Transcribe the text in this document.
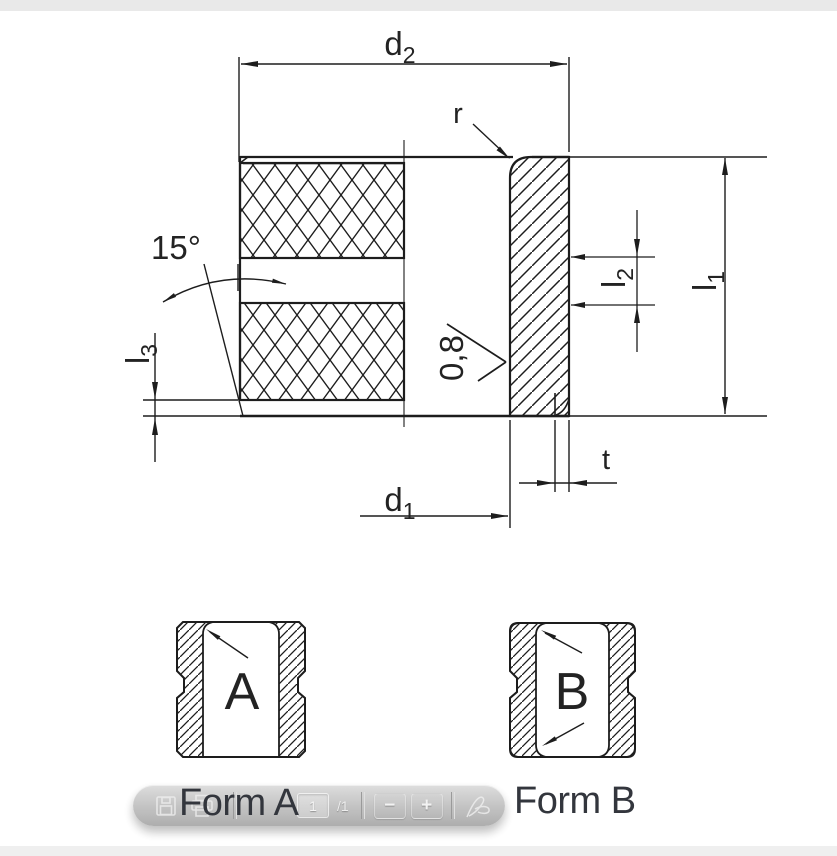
A	B
$d_2$
r
15°
$l_3$	0,8
$l_2$
$l_1$
$d_1$
t
Form A	Form B
1 /1	−	+
